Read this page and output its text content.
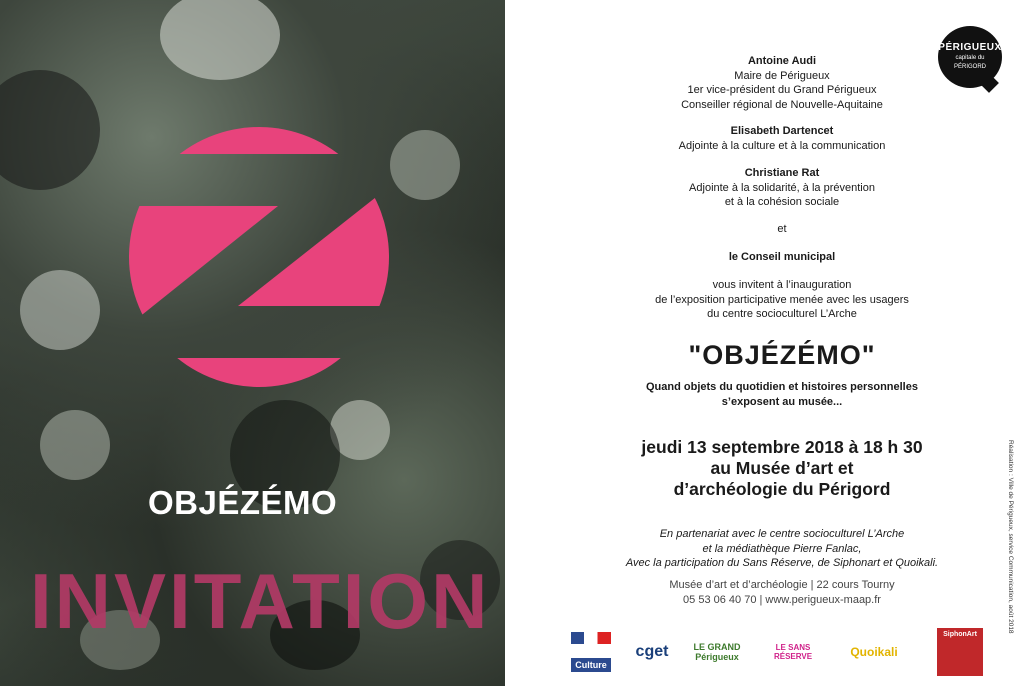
OBJÉZÉMO
INVITATION
PÉRIGUEUX
capitale du
PÉRIGORD
Antoine Audi
Maire de Périgueux
1er vice-président du Grand Périgueux
Conseiller régional de Nouvelle-Aquitaine
Elisabeth Dartencet
Adjointe à la culture et à la communication
Christiane Rat
Adjointe à la solidarité, à la prévention
et à la cohésion sociale
et
le Conseil municipal
vous invitent à l’inauguration
de l’exposition participative menée avec les usagers
du centre socioculturel L’Arche
"OBJÉZÉMO"
Quand objets du quotidien et histoires personnelles
s’exposent au musée...
jeudi 13 septembre 2018 à 18 h 30
au Musée d’art et
d’archéologie du Périgord
En partenariat avec le centre socioculturel L’Arche
et la médiathèque Pierre Fanlac,
Avec la participation du Sans Réserve, de Siphonart et Quoikali.
Musée d’art et d’archéologie | 22 cours Tourny
05 53 06 40 70 | www.perigueux-maap.fr
Culture
cget	LE GRAND Périgueux
LE SANS RÉSERVE	Quoikali
SiphonArt
Réalisation : Ville de Périgueux, service Communication, août 2018
